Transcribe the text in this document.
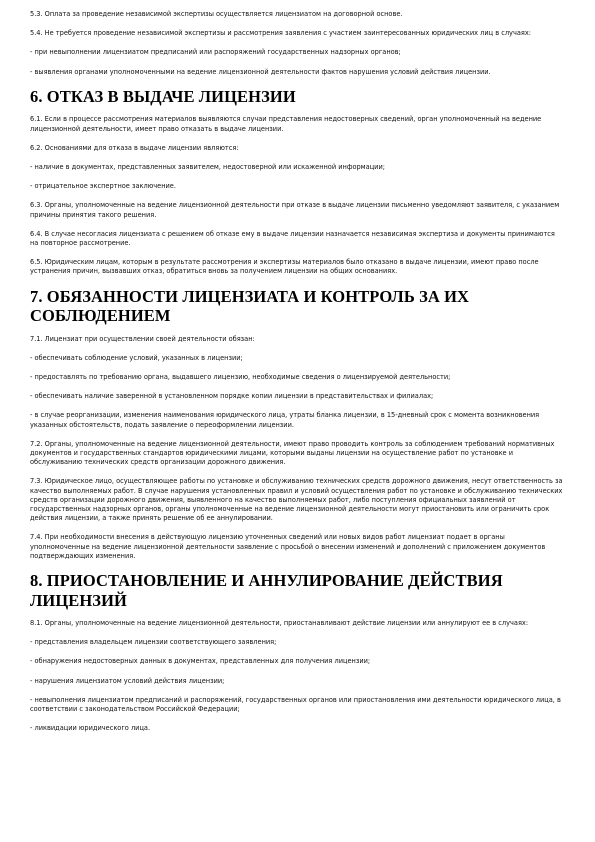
5.3. Оплата за проведение независимой экспертизы осуществляется лицензиатом на договорной основе.

5.4. Не требуется проведение независимой экспертизы и рассмотрения заявления с участием заинтересованных юридических лиц в случаях:

- при невыполнении лицензиатом предписаний или распоряжений государственных надзорных органов;

- выявления органами уполномоченными на ведение лицензионной деятельности фактов нарушения условий действия лицензии.

6. ОТКАЗ В ВЫДАЧЕ ЛИЦЕНЗИИ

6.1. Если в процессе рассмотрения материалов выявляются случаи представления недостоверных сведений, орган уполномоченный на ведение лицензионной деятельности, имеет право отказать в выдаче лицензии.

6.2. Основаниями для отказа в выдаче лицензии являются:

- наличие в документах, представленных заявителем, недостоверной или искаженной информации;

- отрицательное экспертное заключение.

6.3. Органы, уполномоченные на ведение лицензионной деятельности при отказе в выдаче лицензии письменно уведомляют заявителя, с указанием причины принятия такого решения.

6.4. В случае несогласия лицензиата с решением об отказе ему в выдаче лицензии назначается независимая экспертиза и документы принимаются на повторное рассмотрение.

6.5. Юридическим лицам, которым в результате рассмотрения и экспертизы материалов было отказано в выдаче лицензии, имеют право после устранения причин, вызвавших отказ, обратиться вновь за получением лицензии на общих основаниях.

7. ОБЯЗАННОСТИ ЛИЦЕНЗИАТА И КОНТРОЛЬ ЗА ИХ СОБЛЮДЕНИЕМ

7.1. Лицензиат при осуществлении своей деятельности обязан:

- обеспечивать соблюдение условий, указанных в лицензии;

- предоставлять по требованию органа, выдавшего лицензию, необходимые сведения о лицензируемой деятельности;

- обеспечивать наличие заверенной в установленном порядке копии лицензии в представительствах и филиалах;

- в случае реорганизации, изменения наименования юридического лица, утраты бланка лицензии, в 15-дневный срок с момента возникновения указанных обстоятельств, подать заявление о переоформлении лицензии.

7.2. Органы, уполномоченные на ведение лицензионной деятельности, имеют право проводить контроль за соблюдением требований нормативных документов и государственных стандартов юридическими лицами, которыми выданы лицензии на осуществление работ по установке и обслуживанию технических средств организации дорожного движения.

7.3. Юридическое лицо, осуществляющее работы по установке и обслуживанию технических средств дорожного движения, несут ответственность за качество выполняемых работ. В случае нарушения установленных правил и условий осуществления работ по установке и обслуживанию технических средств организации дорожного движения, выявленного на качество выполняемых работ, либо поступления официальных заявлений от государственных надзорных органов, органы уполномоченные на ведение лицензионной деятельности могут приостановить или ограничить срок действия лицензии, а также принять решение об ее аннулировании.

7.4. При необходимости внесения в действующую лицензию уточненных сведений или новых видов работ лицензиат подает в органы уполномоченные на ведение лицензионной деятельности заявление с просьбой о внесении изменений и дополнений с приложением документов подтверждающих изменения.

8. ПРИОСТАНОВЛЕНИЕ И АННУЛИРОВАНИЕ ДЕЙСТВИЯ ЛИЦЕНЗИЙ

8.1. Органы, уполномоченные на ведение лицензионной деятельности, приостанавливают действие лицензии или аннулируют ее в случаях:

- представления владельцем лицензии соответствующего заявления;

- обнаружения недостоверных данных в документах, представленных для получения лицензии;

- нарушения лицензиатом условий действия лицензии;

- невыполнения лицензиатом предписаний и распоряжений, государственных органов или приостановления ими деятельности юридического лица, в соответствии с законодательством Российской Федерации;

- ликвидации юридического лица.
